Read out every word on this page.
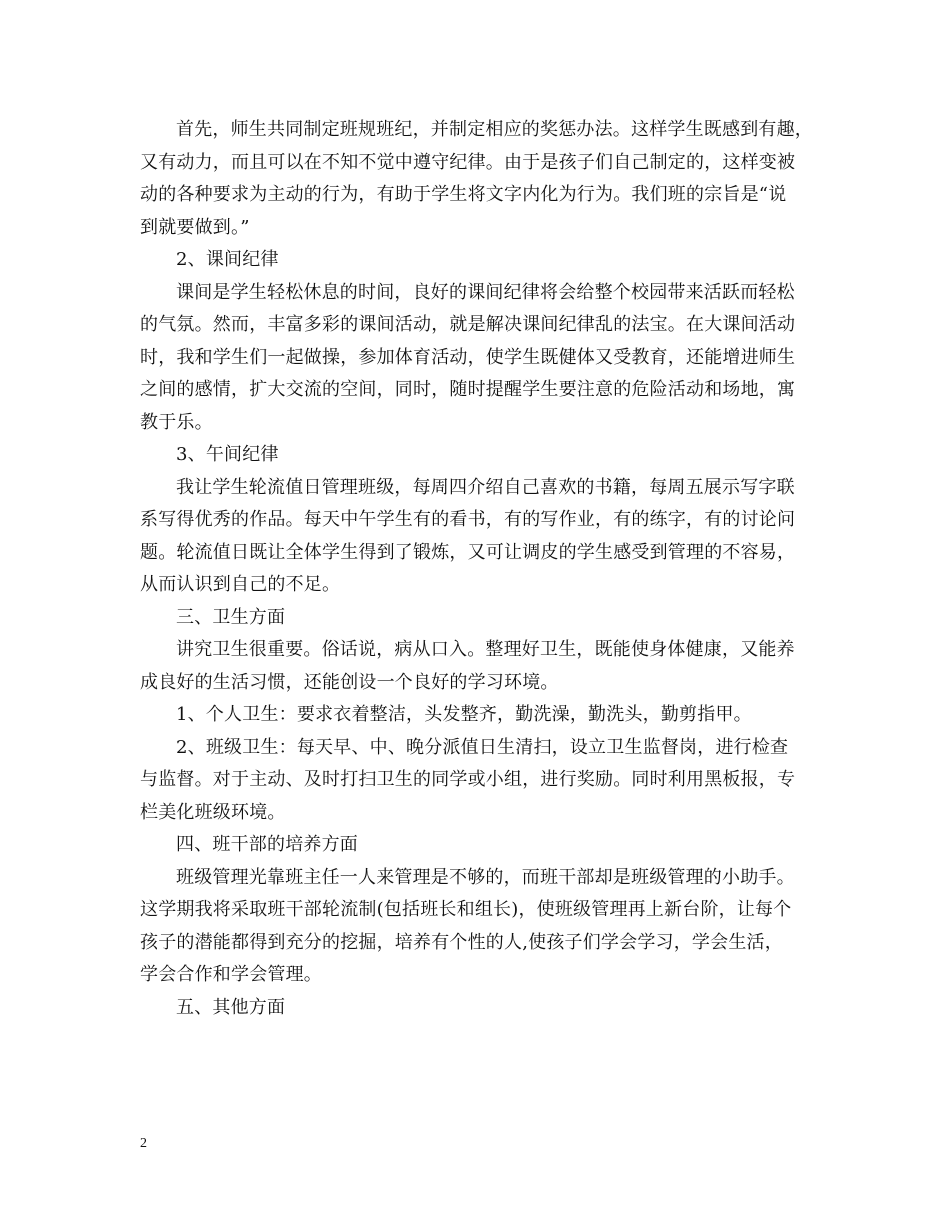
首先，师生共同制定班规班纪，并制定相应的奖惩办法。这样学生既感到有趣，
又有动力，而且可以在不知不觉中遵守纪律。由于是孩子们自己制定的，这样变被
动的各种要求为主动的行为，有助于学生将文字内化为行为。我们班的宗旨是“说
到就要做到。”
2、课间纪律
课间是学生轻松休息的时间，良好的课间纪律将会给整个校园带来活跃而轻松
的气氛。然而，丰富多彩的课间活动，就是解决课间纪律乱的法宝。在大课间活动
时，我和学生们一起做操，参加体育活动，使学生既健体又受教育，还能增进师生
之间的感情，扩大交流的空间，同时，随时提醒学生要注意的危险活动和场地，寓
教于乐。
3、午间纪律
我让学生轮流值日管理班级，每周四介绍自己喜欢的书籍，每周五展示写字联
系写得优秀的作品。每天中午学生有的看书，有的写作业，有的练字，有的讨论问
题。轮流值日既让全体学生得到了锻炼，又可让调皮的学生感受到管理的不容易，
从而认识到自己的不足。
三、卫生方面
讲究卫生很重要。俗话说，病从口入。整理好卫生，既能使身体健康，又能养
成良好的生活习惯，还能创设一个良好的学习环境。
1、个人卫生：要求衣着整洁，头发整齐，勤洗澡，勤洗头，勤剪指甲。
2、班级卫生：每天早、中、晚分派值日生清扫，设立卫生监督岗，进行检查
与监督。对于主动、及时打扫卫生的同学或小组，进行奖励。同时利用黑板报，专
栏美化班级环境。
四、班干部的培养方面
班级管理光靠班主任一人来管理是不够的，而班干部却是班级管理的小助手。
这学期我将采取班干部轮流制(包括班长和组长)，使班级管理再上新台阶，让每个
孩子的潜能都得到充分的挖掘，培养有个性的人,使孩子们学会学习，学会生活，
学会合作和学会管理。
五、其他方面
2
